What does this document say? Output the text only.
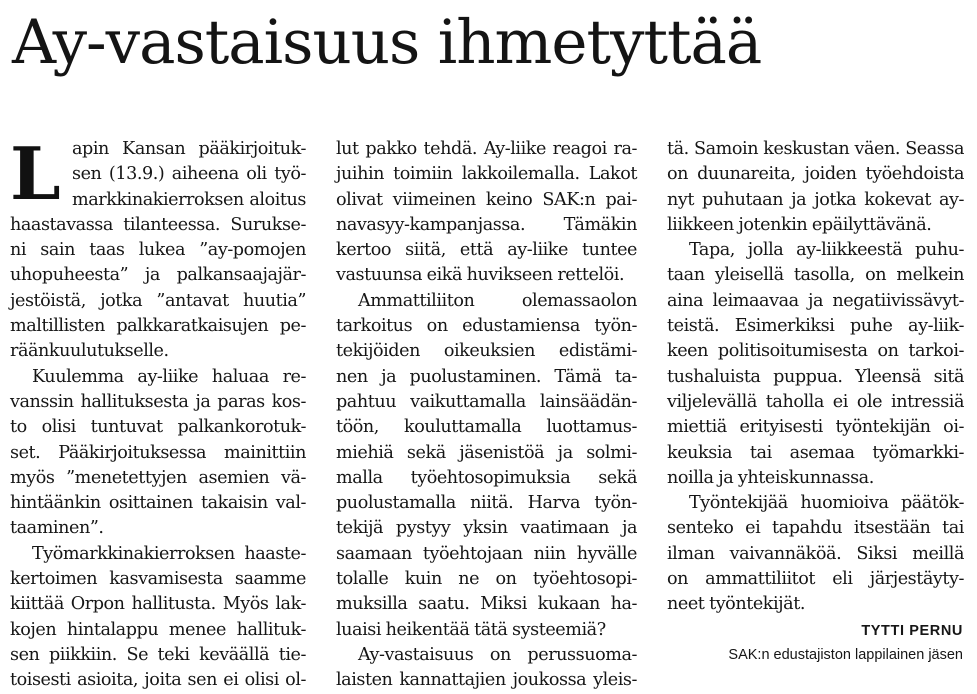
Ay-vastaisuus ihmetyttää
L apin Kansan pääkirjoituk-
sen (13.9.) aiheena oli työ-
markkinakierroksen aloitus
haastavassa tilanteessa. Surukse-
ni sain taas lukea ”ay-pomojen
uhopuheesta” ja palkansaajajär-
jestöistä, jotka ”antavat huutia”
maltillisten palkkaratkaisujen pe-
räänkuulutukselle.
Kuulemma ay-liike haluaa re-
vanssin hallituksesta ja paras kos-
to olisi tuntuvat palkankorotuk-
set. Pääkirjoituksessa mainittiin
myös ”menetettyjen asemien vä-
hintäänkin osittainen takaisin val-
taaminen”.
Työmarkkinakierroksen haaste-
kertoimen kasvamisesta saamme
kiittää Orpon hallitusta. Myös lak-
kojen hintalappu menee hallituk-
sen piikkiin. Se teki keväällä tie-
toisesti asioita, joita sen ei olisi ol-
lut pakko tehdä. Ay-liike reagoi ra-
juihin toimiin lakkoilemalla. Lakot
olivat viimeinen keino SAK:n pai-
navasyy-kampanjassa. Tämäkin
kertoo siitä, että ay-liike tuntee
vastuunsa eikä huvikseen rettelöi.
Ammattiliiton olemassaolon
tarkoitus on edustamiensa työn-
tekijöiden oikeuksien edistämi-
nen ja puolustaminen. Tämä ta-
pahtuu vaikuttamalla lainsäädän-
töön, kouluttamalla luottamus-
miehiä sekä jäsenistöä ja solmi-
malla työehtosopimuksia sekä
puolustamalla niitä. Harva työn-
tekijä pystyy yksin vaatimaan ja
saamaan työehtojaan niin hyvälle
tolalle kuin ne on työehtosopi-
muksilla saatu. Miksi kukaan ha-
luaisi heikentää tätä systeemiä?
Ay-vastaisuus on perussuoma-
laisten kannattajien joukossa yleis-
tä. Samoin keskustan väen. Seassa
on duunareita, joiden työehdoista
nyt puhutaan ja jotka kokevat ay-
liikkeen jotenkin epäilyttävänä.
Tapa, jolla ay-liikkeestä puhu-
taan yleisellä tasolla, on melkein
aina leimaavaa ja negatiivissävyt-
teistä. Esimerkiksi puhe ay-liik-
keen politisoitumisesta on tarkoi-
tushaluista puppua. Yleensä sitä
viljelevällä taholla ei ole intressiä
miettiä erityisesti työntekijän oi-
keuksia tai asemaa työmarkki-
noilla ja yhteiskunnassa.
Työntekijää huomioiva päätök-
senteko ei tapahdu itsestään tai
ilman vaivannäköä. Siksi meillä
on ammattiliitot eli järjestäyty-
neet työntekijät.
TYTTI PERNU
SAK:n edustajiston lappilainen jäsen
